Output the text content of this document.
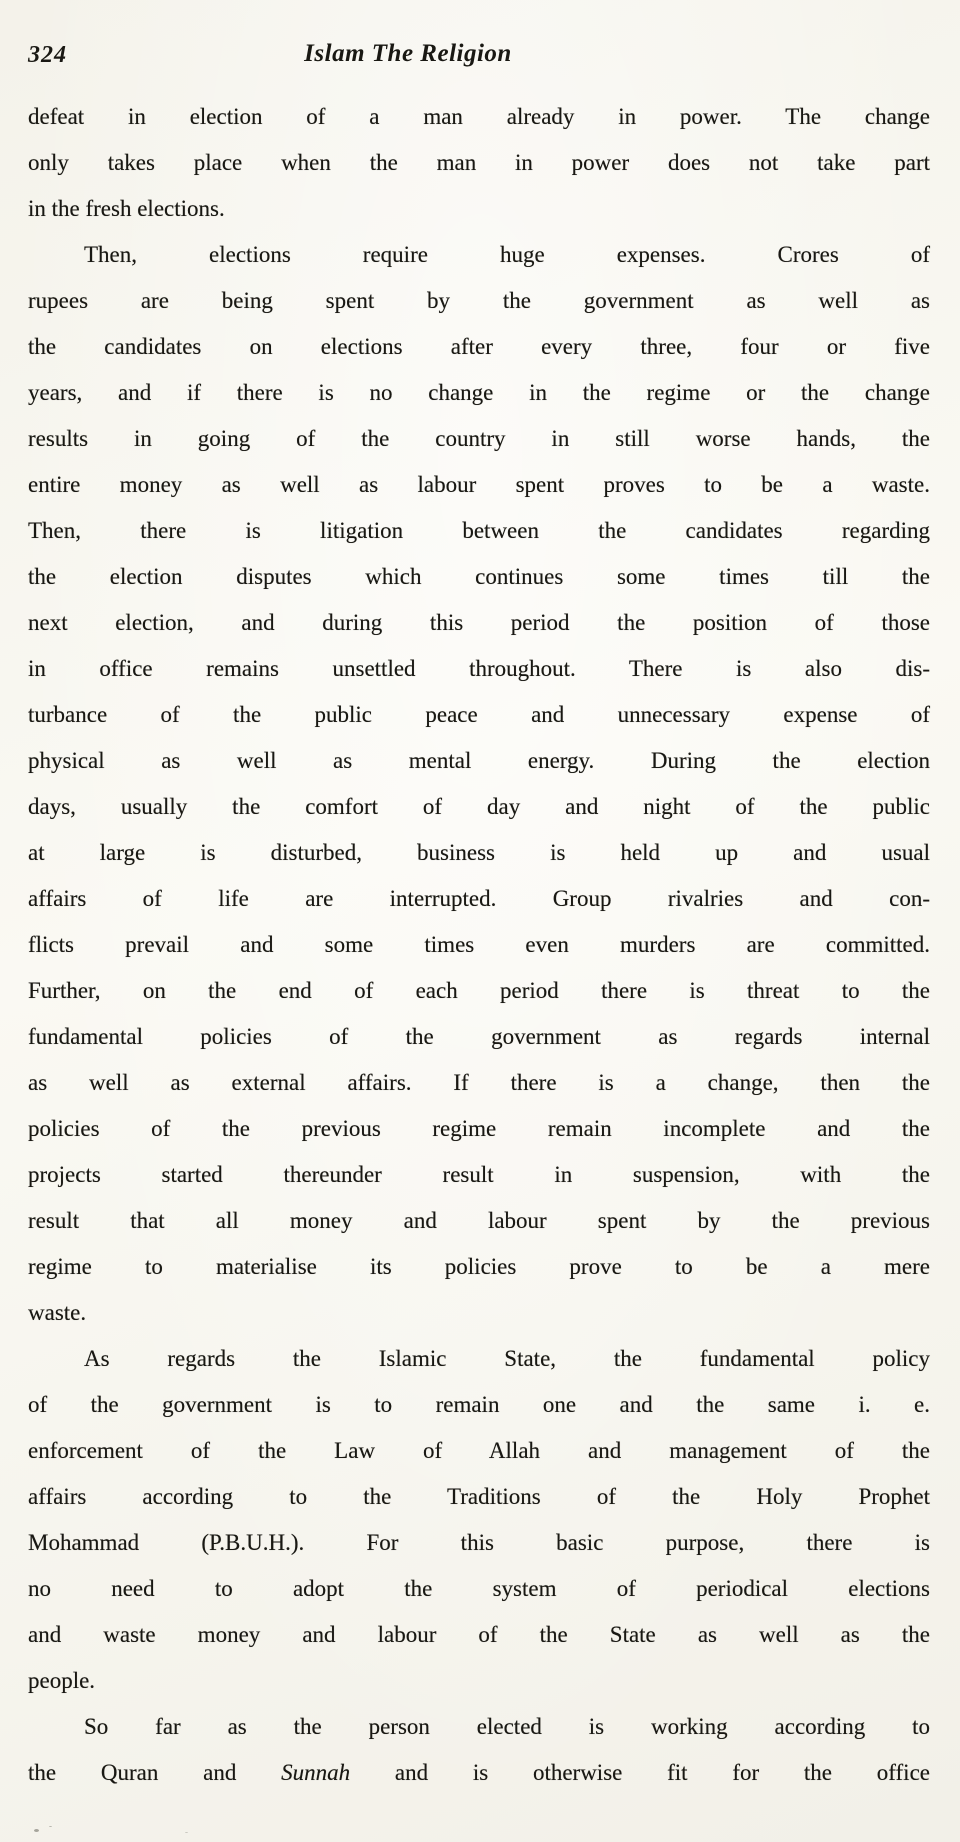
324	Islam The Religion
defeat in election of a man already in power. The change
only takes place when the man in power does not take part
in the fresh elections.
Then, elections require huge expenses. Crores of
rupees are being spent by the government as well as
the candidates on elections after every three, four or five
years, and if there is no change in the regime or the change
results in going of the country in still worse hands, the
entire money as well as labour spent proves to be a waste.
Then, there is litigation between the candidates regarding
the election disputes which continues some times till the
next election, and during this period the position of those
in office remains unsettled throughout. There is also dis-
turbance of the public peace and unnecessary expense of
physical as well as mental energy. During the election
days, usually the comfort of day and night of the public
at large is disturbed, business is held up and usual
affairs of life are interrupted. Group rivalries and con-
flicts prevail and some times even murders are committed.
Further, on the end of each period there is threat to the
fundamental policies of the government as regards internal
as well as external affairs. If there is a change, then the
policies of the previous regime remain incomplete and the
projects started thereunder result in suspension, with the
result that all money and labour spent by the previous
regime to materialise its policies prove to be a mere
waste.
As regards the Islamic State, the fundamental policy
of the government is to remain one and the same i. e.
enforcement of the Law of Allah and management of the
affairs according to the Traditions of the Holy Prophet
Mohammad (P.B.U.H.). For this basic purpose, there is
no need to adopt the system of periodical elections
and waste money and labour of the State as well as the
people.
So far as the person elected is working according to
the Quran and Sunnah and is otherwise fit for the office
